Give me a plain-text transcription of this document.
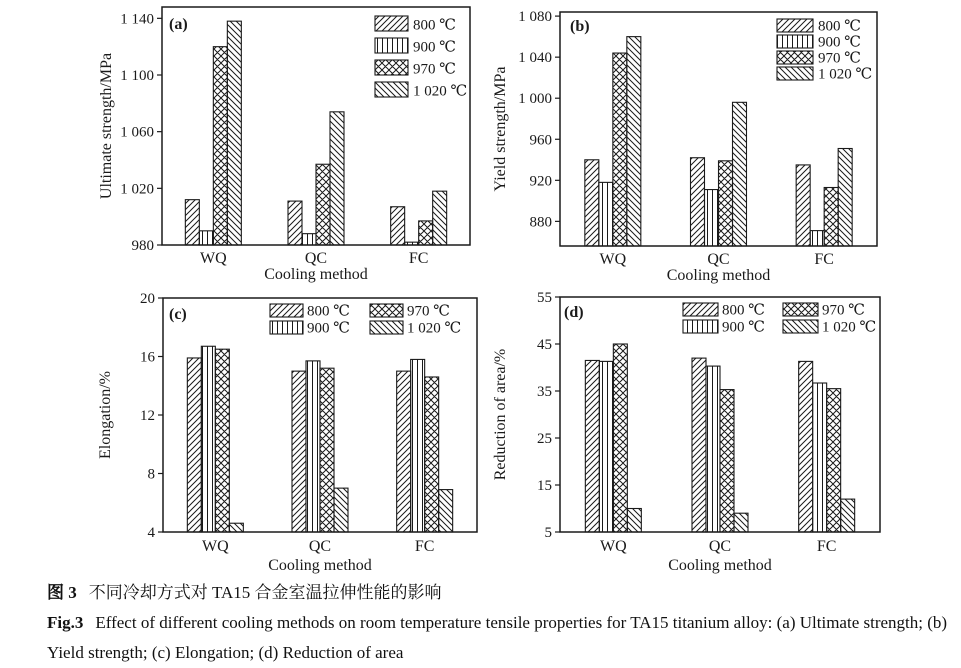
980
1 020
1 060
1 100
1 140
WQ	QC	FC
Cooling method
Ultimate strength/MPa
(a)	800 ℃
900 ℃
970 ℃
1 020 ℃
880
920
960
1 000
1 040
1 080
WQ	QC	FC
Cooling method
Yield strength/MPa
(b)	800 ℃
900 ℃
970 ℃
1 020 ℃
4
8
12
16
20
WQ	QC	FC
Cooling method
Elongation/%
(c)	800 ℃
900 ℃
970 ℃
1 020 ℃
5
15
25
35
45
55
WQ	QC	FC
Cooling method
Reduction of area/%
(d)	800 ℃
900 ℃
970 ℃
1 020 ℃
图 3 不同冷却方式对 TA15 合金室温拉伸性能的影响
Fig.3 Effect of different cooling methods on room temperature tensile properties for TA15 titanium alloy: (a) Ultimate strength; (b)
Yield strength; (c) Elongation; (d) Reduction of area
